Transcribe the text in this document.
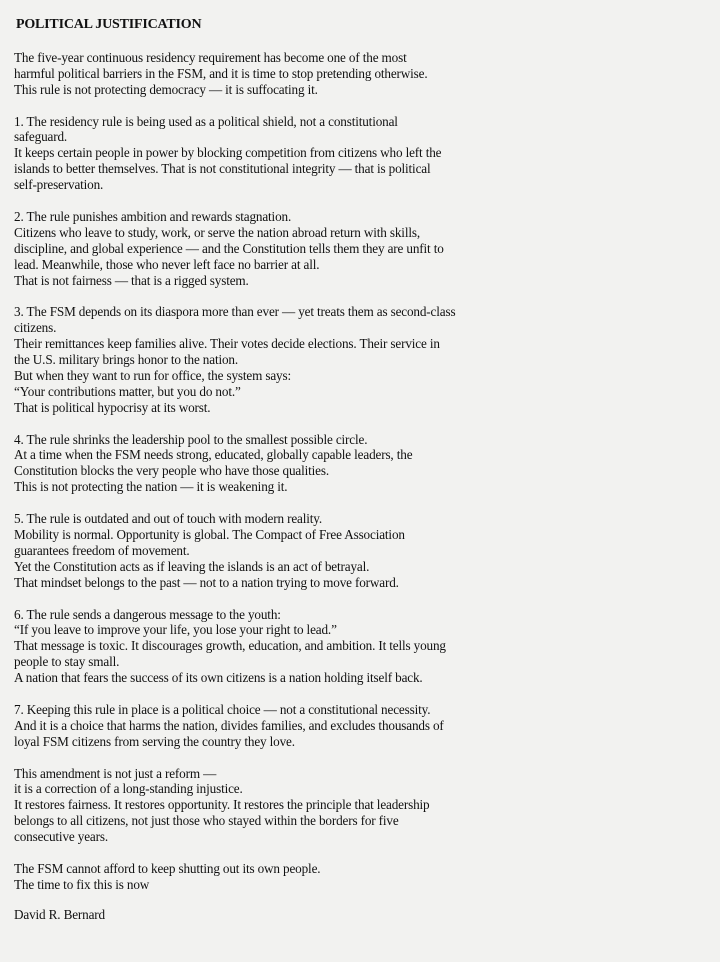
POLITICAL JUSTIFICATION
The five-year continuous residency requirement has become one of the most
harmful political barriers in the FSM, and it is time to stop pretending otherwise.
This rule is not protecting democracy — it is suffocating it.
1. The residency rule is being used as a political shield, not a constitutional
safeguard.
It keeps certain people in power by blocking competition from citizens who left the
islands to better themselves. That is not constitutional integrity — that is political
self-preservation.
2. The rule punishes ambition and rewards stagnation.
Citizens who leave to study, work, or serve the nation abroad return with skills,
discipline, and global experience — and the Constitution tells them they are unfit to
lead. Meanwhile, those who never left face no barrier at all.
That is not fairness — that is a rigged system.
3. The FSM depends on its diaspora more than ever — yet treats them as second-class
citizens.
Their remittances keep families alive. Their votes decide elections. Their service in
the U.S. military brings honor to the nation.
But when they want to run for office, the system says:
“Your contributions matter, but you do not.”
That is political hypocrisy at its worst.
4. The rule shrinks the leadership pool to the smallest possible circle.
At a time when the FSM needs strong, educated, globally capable leaders, the
Constitution blocks the very people who have those qualities.
This is not protecting the nation — it is weakening it.
5. The rule is outdated and out of touch with modern reality.
Mobility is normal. Opportunity is global. The Compact of Free Association
guarantees freedom of movement.
Yet the Constitution acts as if leaving the islands is an act of betrayal.
That mindset belongs to the past — not to a nation trying to move forward.
6. The rule sends a dangerous message to the youth:
“If you leave to improve your life, you lose your right to lead.”
That message is toxic. It discourages growth, education, and ambition. It tells young
people to stay small.
A nation that fears the success of its own citizens is a nation holding itself back.
7. Keeping this rule in place is a political choice — not a constitutional necessity.
And it is a choice that harms the nation, divides families, and excludes thousands of
loyal FSM citizens from serving the country they love.
This amendment is not just a reform —
it is a correction of a long-standing injustice.
It restores fairness. It restores opportunity. It restores the principle that leadership
belongs to all citizens, not just those who stayed within the borders for five
consecutive years.
The FSM cannot afford to keep shutting out its own people.
The time to fix this is now
David R. Bernard
